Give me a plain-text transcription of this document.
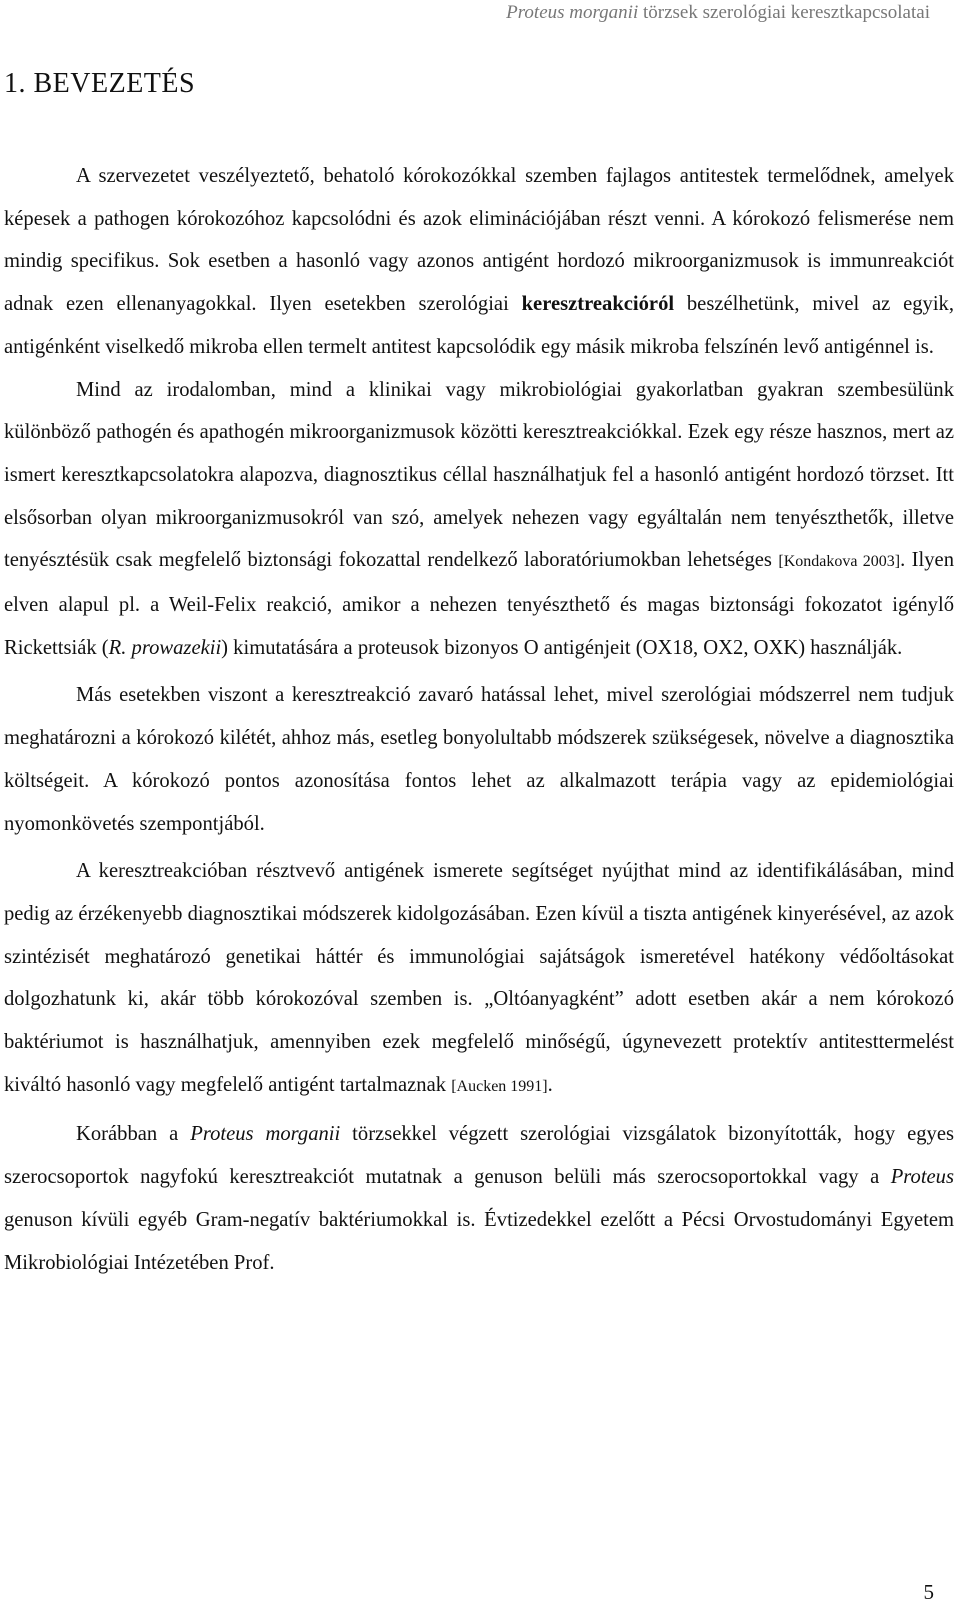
Proteus morganii törzsek szerológiai keresztkapcsolatai
1. BEVEZETÉS

A szervezetet veszélyeztető, behatoló kórokozókkal szemben fajlagos antitestek termelődnek, amelyek képesek a pathogen kórokozóhoz kapcsolódni és azok eliminációjában részt venni. A kórokozó felismerése nem mindig specifikus. Sok esetben a hasonló vagy azonos antigént hordozó mikroorganizmusok is immunreakciót adnak ezen ellenanyagokkal. Ilyen esetekben szerológiai keresztreakcióról beszélhetünk, mivel az egyik, antigénként viselkedő mikroba ellen termelt antitest kapcsolódik egy másik mikroba felszínén levő antigénnel is.

Mind az irodalomban, mind a klinikai vagy mikrobiológiai gyakorlatban gyakran szembesülünk különböző pathogén és apathogén mikroorganizmusok közötti keresztreakciókkal. Ezek egy része hasznos, mert az ismert keresztkapcsolatokra alapozva, diagnosztikus céllal használhatjuk fel a hasonló antigént hordozó törzset. Itt elsősorban olyan mikroorganizmusokról van szó, amelyek nehezen vagy egyáltalán nem tenyészthetők, illetve tenyésztésük csak megfelelő biztonsági fokozattal rendelkező laboratóriumokban lehetséges [Kondakova 2003]. Ilyen elven alapul pl. a Weil-Felix reakció, amikor a nehezen tenyészthető és magas biztonsági fokozatot igénylő Rickettsiák (R. prowazekii) kimutatására a proteusok bizonyos O antigénjeit (OX18, OX2, OXK) használják.

Más esetekben viszont a keresztreakció zavaró hatással lehet, mivel szerológiai módszerrel nem tudjuk meghatározni a kórokozó kilétét, ahhoz más, esetleg bonyolultabb módszerek szükségesek, növelve a diagnosztika költségeit. A kórokozó pontos azonosítása fontos lehet az alkalmazott terápia vagy az epidemiológiai nyomonkövetés szempontjából.

A keresztreakcióban résztvevő antigének ismerete segítséget nyújthat mind az identifikálásában, mind pedig az érzékenyebb diagnosztikai módszerek kidolgozásában. Ezen kívül a tiszta antigének kinyerésével, az azok szintézisét meghatározó genetikai háttér és immunológiai sajátságok ismeretével hatékony védőoltásokat dolgozhatunk ki, akár több kórokozóval szemben is. „Oltóanyagként” adott esetben akár a nem kórokozó baktériumot is használhatjuk, amennyiben ezek megfelelő minőségű, úgynevezett protektív antitesttermelést kiváltó hasonló vagy megfelelő antigént tartalmaznak [Aucken 1991].

Korábban a Proteus morganii törzsekkel végzett szerológiai vizsgálatok bizonyították, hogy egyes szerocsoportok nagyfokú keresztreakciót mutatnak a genuson belüli más szerocsoportokkal vagy a Proteus genuson kívüli egyéb Gram-negatív baktériumokkal is. Évtizedekkel ezelőtt a Pécsi Orvostudományi Egyetem Mikrobiológiai Intézetében Prof.

5
